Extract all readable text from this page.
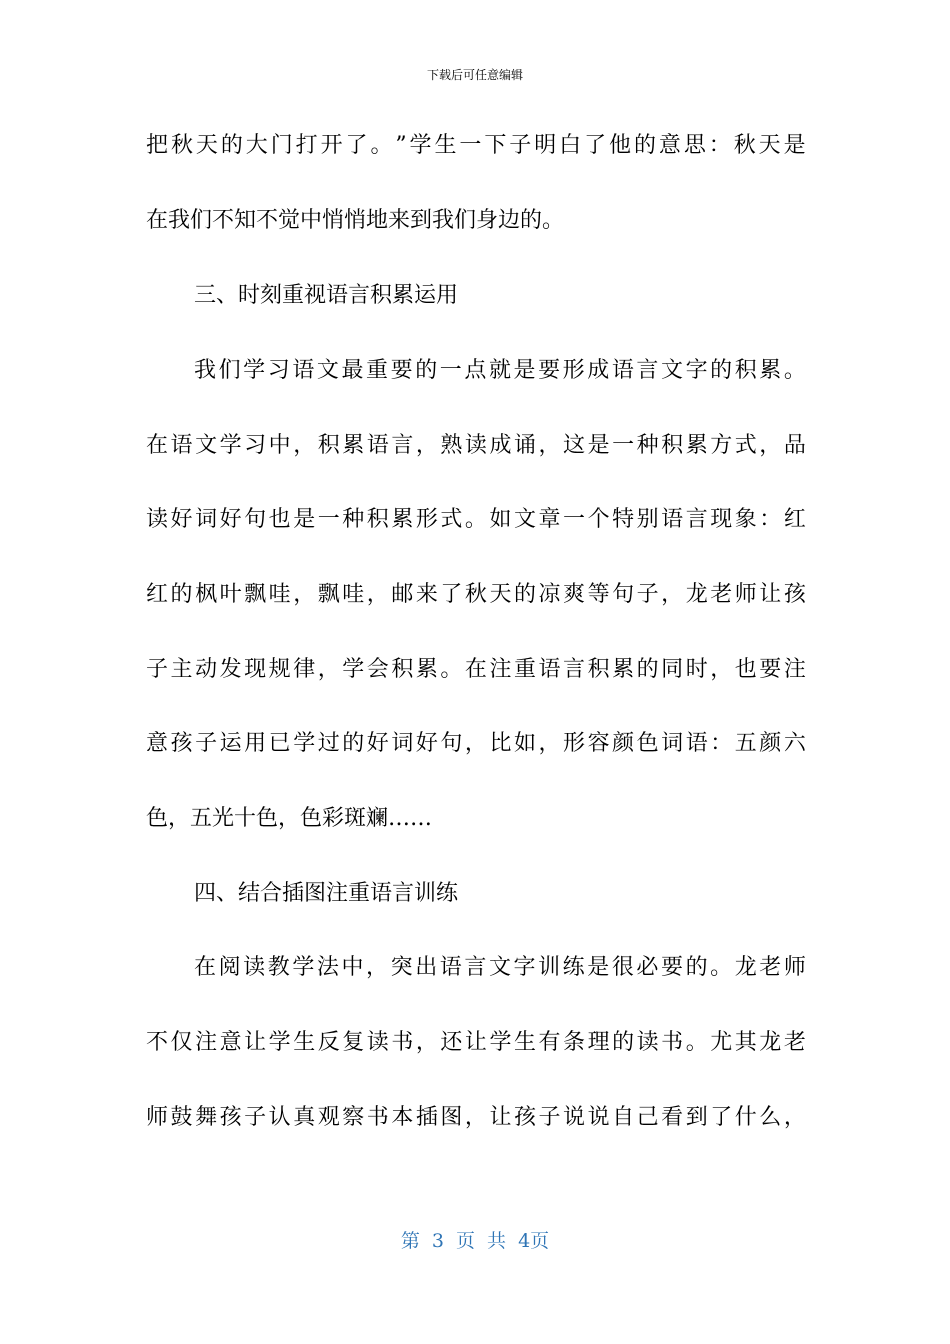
下载后可任意编辑
把 秋 天 的 大 门 打 开 了 。 ” 学 生 一 下 子 明 白 了 他 的 意 思 ： 秋 天 是
在我们不知不觉中悄悄地来到我们身边的。
三、时刻重视语言积累运用
我 们 学 习 语 文 最 重 要 的 一 点 就 是 要 形 成 语 言 文 字 的 积 累 。
在 语 文 学 习 中 ， 积 累 语 言 ， 熟 读 成 诵 ， 这 是 一 种 积 累 方 式 ， 品
读 好 词 好 句 也 是 一 种 积 累 形 式 。 如 文 章 一 个 特 别 语 言 现 象 ： 红
红 的 枫 叶 飘 哇 ， 飘 哇 ， 邮 来 了 秋 天 的 凉 爽 等 句 子 ， 龙 老 师 让 孩
子 主 动 发 现 规 律 ， 学 会 积 累 。 在 注 重 语 言 积 累 的 同 时 ， 也 要 注
意 孩 子 运 用 已 学 过 的 好 词 好 句 ， 比 如 ， 形 容 颜 色 词 语 ： 五 颜 六
色，五光十色，色彩斑斓……
四、结合插图注重语言训练
在 阅 读 教 学 法 中 ， 突 出 语 言 文 字 训 练 是 很 必 要 的 。 龙 老 师
不 仅 注 意 让 学 生 反 复 读 书 ， 还 让 学 生 有 条 理 的 读 书 。 尤 其 龙 老
师 鼓 舞 孩 子 认 真 观 察 书 本 插 图 ， 让 孩 子 说 说 自 己 看 到 了 什 么 ，
第 3 页 共 4页
